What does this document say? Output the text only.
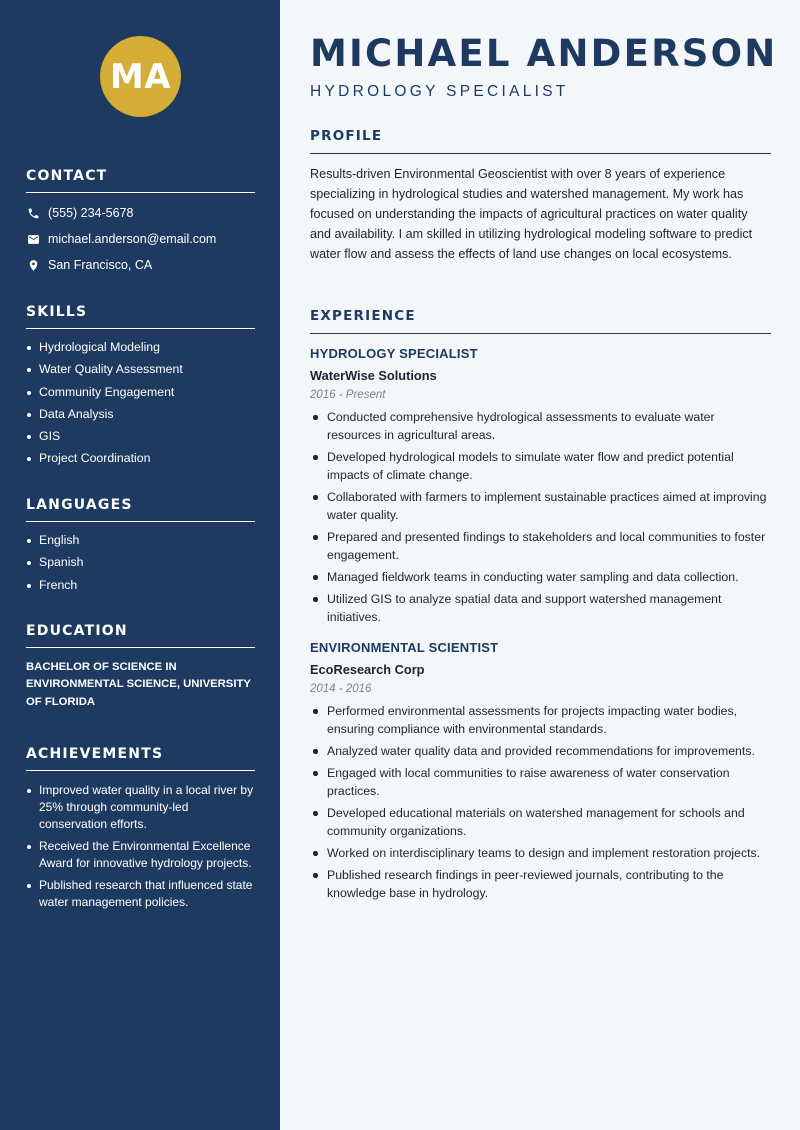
MA
CONTACT
(555) 234-5678
michael.anderson@email.com
San Francisco, CA
SKILLS
Hydrological Modeling
Water Quality Assessment
Community Engagement
Data Analysis
GIS
Project Coordination
LANGUAGES
English
Spanish
French
EDUCATION

BACHELOR OF SCIENCE IN ENVIRONMENTAL SCIENCE, UNIVERSITY OF FLORIDA

ACHIEVEMENTS
Improved water quality in a local river by 25% through community-led conservation efforts.
Received the Environmental Excellence Award for innovative hydrology projects.
Published research that influenced state water management policies.
MICHAEL ANDERSON
HYDROLOGY SPECIALIST
PROFILE

Results-driven Environmental Geoscientist with over 8 years of experience specializing in hydrological studies and watershed management. My work has focused on understanding the impacts of agricultural practices on water quality and availability. I am skilled in utilizing hydrological modeling software to predict water flow and assess the effects of land use changes on local ecosystems.

EXPERIENCE
HYDROLOGY SPECIALIST
WaterWise Solutions
2016 - Present
Conducted comprehensive hydrological assessments to evaluate water resources in agricultural areas.
Developed hydrological models to simulate water flow and predict potential impacts of climate change.
Collaborated with farmers to implement sustainable practices aimed at improving water quality.
Prepared and presented findings to stakeholders and local communities to foster engagement.
Managed fieldwork teams in conducting water sampling and data collection.
Utilized GIS to analyze spatial data and support watershed management initiatives.
ENVIRONMENTAL SCIENTIST
EcoResearch Corp
2014 - 2016
Performed environmental assessments for projects impacting water bodies, ensuring compliance with environmental standards.
Analyzed water quality data and provided recommendations for improvements.
Engaged with local communities to raise awareness of water conservation practices.
Developed educational materials on watershed management for schools and community organizations.
Worked on interdisciplinary teams to design and implement restoration projects.
Published research findings in peer-reviewed journals, contributing to the knowledge base in hydrology.
